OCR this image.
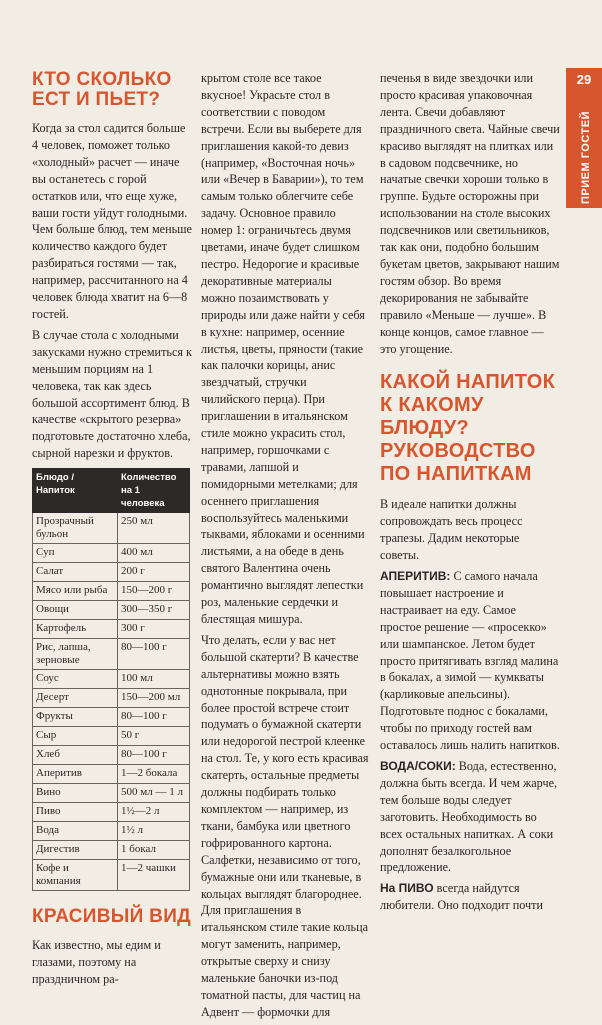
29
ПРИЕМ ГОСТЕЙ
КТО СКОЛЬКО ЕСТ И ПЬЕТ?

Когда за стол садится больше 4 человек, поможет только «холодный» расчет — иначе вы останетесь с горой остатков или, что еще хуже, ваши гости уйдут голодными. Чем больше блюд, тем меньше количество каждого будет разбираться гостями — так, например, рассчитанного на 4 человек блюда хватит на 6—8 гостей.

В случае стола с холодными закусками нужно стремиться к меньшим порциям на 1 человека, так как здесь большой ассортимент блюд. В качестве «скрытого резерва» подготовьте достаточно хлеба, сырной нарезки и фруктов.

Блюдо / Напиток	Количество на 1 человека
Прозрачный бульон	250 мл
Суп	400 мл
Салат	200 г
Мясо или рыба	150—200 г
Овощи	300—350 г
Картофель	300 г
Рис, лапша, зерновые	80—100 г
Соус	100 мл
Десерт	150—200 мл
Фрукты	80—100 г
Сыр	50 г
Хлеб	80—100 г
Аперитив	1—2 бокала
Вино	500 мл — 1 л
Пиво	1½—2 л
Вода	1½ л
Дигестив	1 бокал
Кофе и компания	1—2 чашки
КРАСИВЫЙ ВИД

Как известно, мы едим и глазами, поэтому на праздничном ра-

крытом столе все такое вкусное! Украсьте стол в соответствии с поводом встречи. Если вы выберете для приглашения какой-то девиз (например, «Восточная ночь» или «Вечер в Баварии»), то тем самым только облегчите себе задачу. Основное правило номер 1: ограничьтесь двумя цветами, иначе будет слишком пестро. Недорогие и красивые декоративные материалы можно позаимствовать у природы или даже найти у себя в кухне: например, осенние листья, цветы, пряности (такие как палочки корицы, анис звездчатый, стручки чилийского перца). При приглашении в итальянском стиле можно украсить стол, например, горшочками с травами, лапшой и помидорными метелками; для осеннего приглашения воспользуйтесь маленькими тыквами, яблоками и осенними листьями, а на обеде в день святого Валентина очень романтично выглядят лепестки роз, маленькие сердечки и блестящая мишура.

Что делать, если у вас нет большой скатерти? В качестве альтернативы можно взять однотонные покрывала, при более простой встрече стоит подумать о бумажной скатерти или недорогой пестрой клеенке на стол. Те, у кого есть красивая скатерть, остальные предметы должны подбирать только комплектом — например, из ткани, бамбука или цветного гофрированного картона. Салфетки, независимо от того, бумажные они или тканевые, в кольцах выглядят благороднее. Для приглашения в итальянском стиле такие кольца могут заменить, например, открытые сверху и снизу маленькие баночки из-под томатной пасты, для частиц на Адвент — формочки для

печенья в виде звездочки или просто красивая упаковочная лента. Свечи добавляют праздничного света. Чайные свечи красиво выглядят на плитках или в садовом подсвечнике, но начатые свечки хороши только в группе. Будьте осторожны при использовании на столе высоких подсвечников или светильников, так как они, подобно большим букетам цветов, закрывают нашим гостям обзор. Во время декорирования не забывайте правило «Меньше — лучше». В конце концов, самое главное — это угощение.

КАКОЙ НАПИТОК К КАКОМУ БЛЮДУ? РУКОВОДСТВО ПО НАПИТКАМ

В идеале напитки должны сопровождать весь процесс трапезы. Дадим некоторые советы.

АПЕРИТИВ: С самого начала повышает настроение и настраивает на еду. Самое простое решение — «просекко» или шампанское. Летом будет просто притягивать взгляд малина в бокалах, а зимой — кумкваты (карликовые апельсины). Подготовьте поднос с бокалами, чтобы по приходу гостей вам оставалось лишь налить напитков.

ВОДА/СОКИ: Вода, естественно, должна быть всегда. И чем жарче, тем больше воды следует заготовить. Необходимость во всех остальных напитках. А соки дополнят безалкогольное предложение.

На ПИВО всегда найдутся любители. Оно подходит почти
